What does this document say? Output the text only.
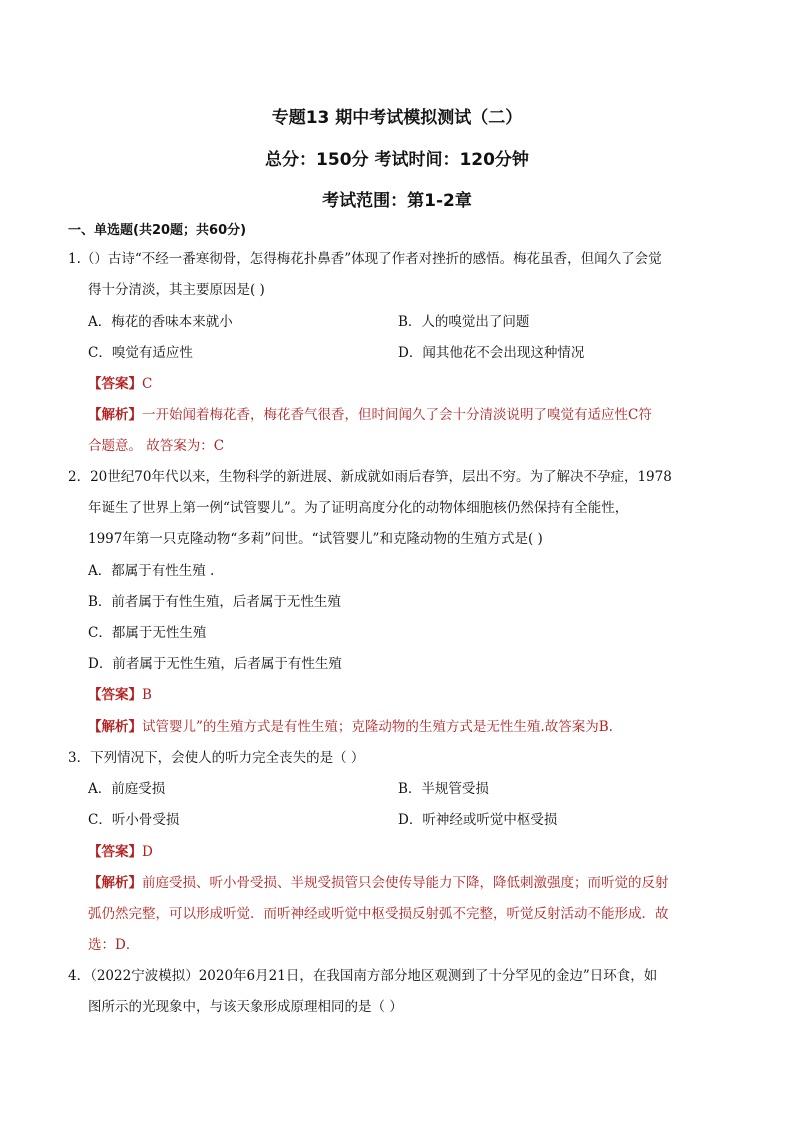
专题13 期中考试模拟测试（二）
总分：150分 考试时间：120分钟
考试范围：第1-2章
一、单选题(共20题；共60分)
1.（）古诗“不经一番寒彻骨，怎得梅花扑鼻香”体现了作者对挫折的感悟。梅花虽香，但闻久了会觉
得十分清淡，其主要原因是( )
A．梅花的香味本来就小	B．人的嗅觉出了问题
C．嗅觉有适应性	D．闻其他花不会出现这种情况
【答案】C
【解析】一开始闻着梅花香，梅花香气很香，但时间闻久了会十分清淡说明了嗅觉有适应性C符
合题意。 故答案为：C
2．20世纪70年代以来，生物科学的新进展、新成就如雨后春笋，层出不穷。为了解决不孕症，1978
年诞生了世界上第一例“试管婴儿”。为了证明高度分化的动物体细胞核仍然保持有全能性，
1997年第一只克隆动物“多莉”问世。“试管婴儿”和克隆动物的生殖方式是( )
A．都属于有性生殖 .
B．前者属于有性生殖，后者属于无性生殖
C．都属于无性生殖
D．前者属于无性生殖，后者属于有性生殖
【答案】B
【解析】试管婴儿”的生殖方式是有性生殖；克隆动物的生殖方式是无性生殖.故答案为B.
3．下列情况下，会使人的听力完全丧失的是（ ）
A．前庭受损	B．半规管受损
C．听小骨受损	D．听神经或听觉中枢受损
【答案】D
【解析】前庭受损、听小骨受损、半规受损管只会使传导能力下降，降低刺激强度；而听觉的反射
弧仍然完整，可以形成听觉．而听神经或听觉中枢受损反射弧不完整，听觉反射活动不能形成．故
选：D．
4．（2022宁波模拟）2020年6月21日，在我国南方部分地区观测到了十分罕见的金边”日环食，如
图所示的光现象中，与该天象形成原理相同的是（ ）
